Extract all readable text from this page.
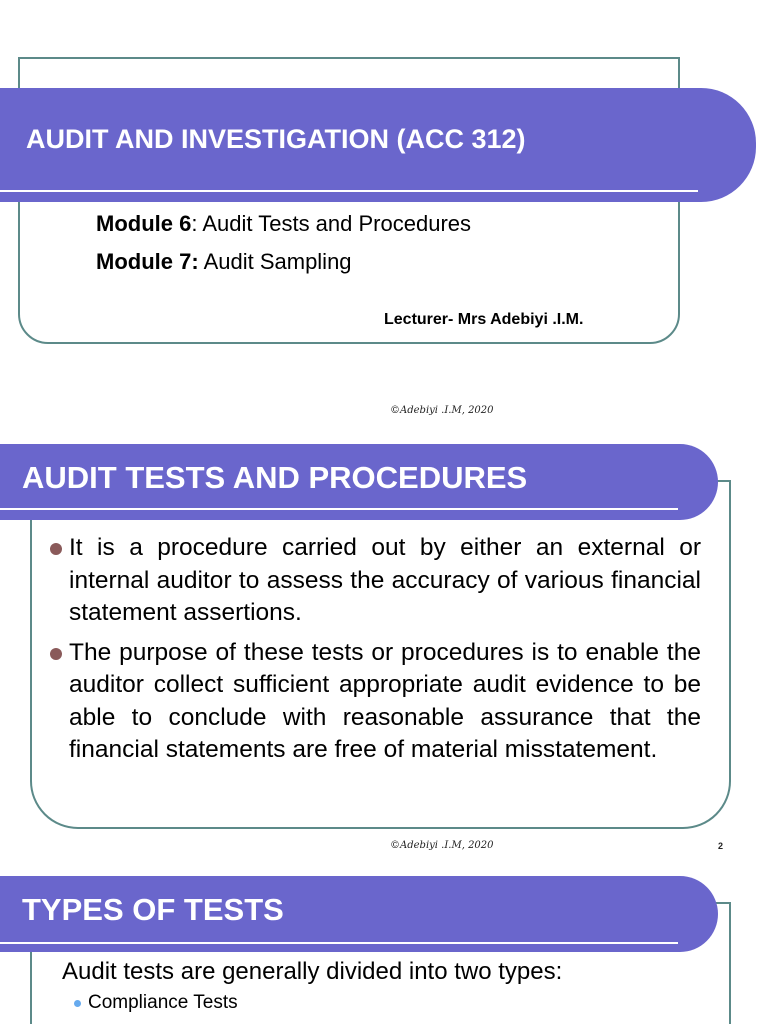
AUDIT AND INVESTIGATION (ACC 312)
Module 6: Audit Tests and Procedures
Module 7: Audit Sampling
Lecturer- Mrs Adebiyi .I.M.
©Adebiyi .I.M, 2020
AUDIT TESTS AND PROCEDURES
It is a procedure carried out by either an external or internal auditor to assess the accuracy of various financial statement assertions.
The purpose of these tests or procedures is to enable the auditor collect sufficient appropriate audit evidence to be able to conclude with reasonable assurance that the financial statements are free of material misstatement.
©Adebiyi .I.M, 2020	2
TYPES OF TESTS
Audit tests are generally divided into two types:
Compliance Tests
